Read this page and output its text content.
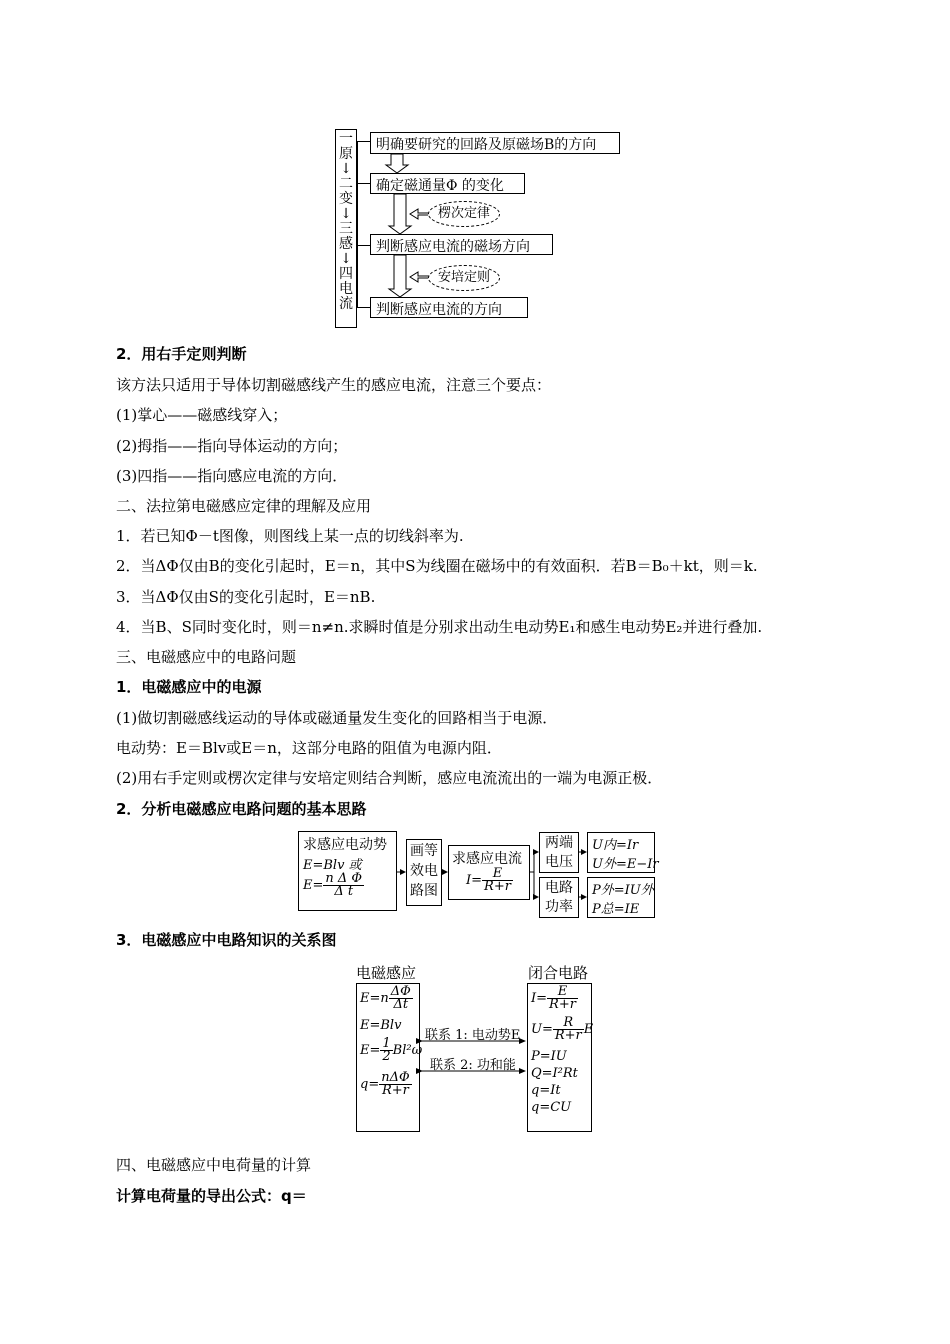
一
原
↓
二
变
↓
三
感
↓
四
电
流
明确要研究的回路及原磁场B的方向
确定磁通量Φ 的变化
判断感应电流的磁场方向
判断感应电流的方向
楞次定律
安培定则
2．用右手定则判断
该方法只适用于导体切割磁感线产生的感应电流，注意三个要点：
(1)掌心——磁感线穿入；
(2)拇指——指向导体运动的方向；
(3)四指——指向感应电流的方向．
二、法拉第电磁感应定律的理解及应用
1．若已知Φ－t图像，则图线上某一点的切线斜率为.
2．当ΔΦ仅由B的变化引起时，E＝n，其中S为线圈在磁场中的有效面积．若B＝B₀＋kt，则＝k.
3．当ΔΦ仅由S的变化引起时，E＝nB.
4．当B、S同时变化时，则＝n≠n.求瞬时值是分别求出动生电动势E₁和感生电动势E₂并进行叠加.
三、电磁感应中的电路问题
1．电磁感应中的电源
(1)做切割磁感线运动的导体或磁通量发生变化的回路相当于电源．
电动势：E＝Blv或E＝n，这部分电路的阻值为电源内阻．
(2)用右手定则或楞次定律与安培定则结合判断，感应电流流出的一端为电源正极．
2．分析电磁感应电路问题的基本思路
求感应电动势
E=Blv 或
$E= \frac{\text{n Δ Φ}}{\text{Δ t}}$
画等效电路图
求感应电流
$I= \frac{E}{R+r}$
两端电压
电路功率
U内=Ir
U外=E−Ir
P外=IU外
P总=IE
3．电磁感应中电路知识的关系图
电磁感应	闭合电路
$E=n \frac{\Delta\Phi}{\Delta t}$
E=Blv
$E= \frac{1}{2} Bl^2\omega$
$q= \frac{\text{nΔΦ}}{R+r}$
$I= \frac{E}{R+r}$
$U= \frac{R}{R+r}$ E
P=IU
Q=I²Rt
q=It
q=CU
联系 1: 电动势E
联系 2: 功和能
四、电磁感应中电荷量的计算
计算电荷量的导出公式：q＝
